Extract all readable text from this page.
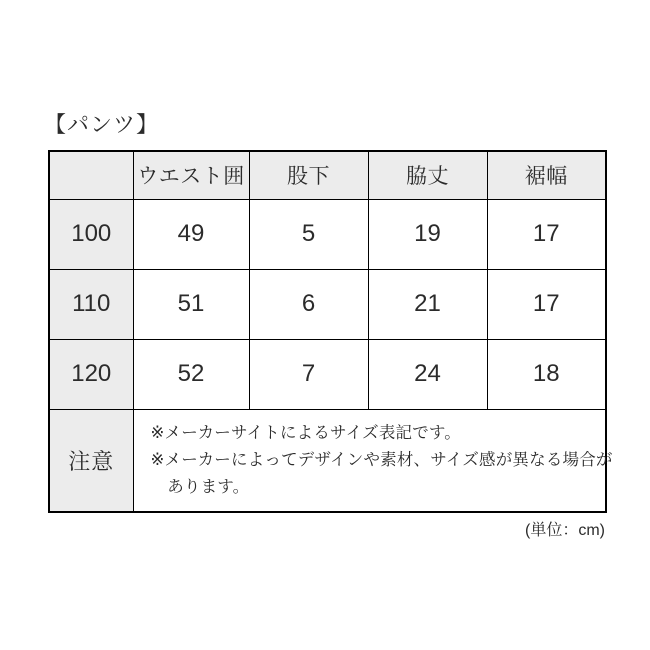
【パンツ】
	ウエスト囲	股下	脇丈	裾幅
100	49	5	19	17
110	51	6	21	17
120	52	7	24	18
注意	※メーカーサイトによるサイズ表記です。
※メーカーによってデザインや素材、サイズ感が異なる場合が
　あります。			
(単位：cm)
